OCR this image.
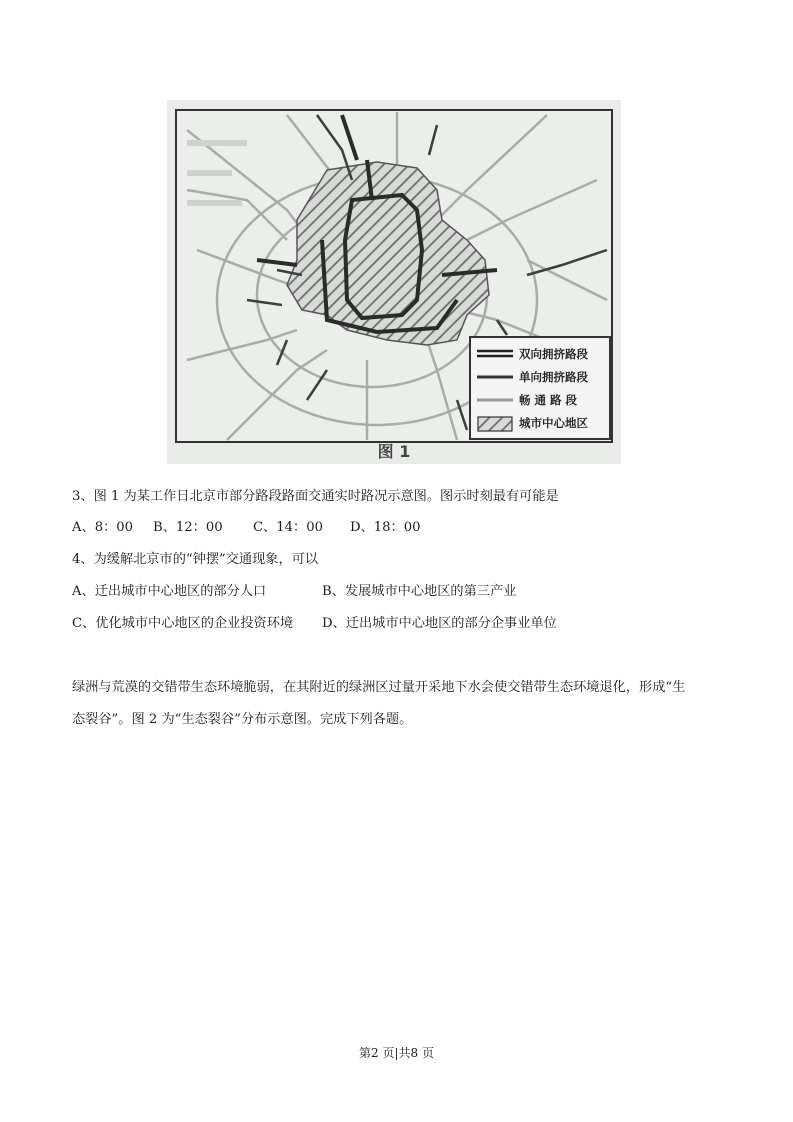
双向拥挤路段
单向拥挤路段
畅 通 路 段
城市中心地区
图 1
3、图 1 为某工作日北京市部分路段路面交通实时路况示意图。图示时刻最有可能是
A、8：00 B、12：00 C、14：00 D、18：00
4、为缓解北京市的“钟摆”交通现象，可以
A、迁出城市中心地区的部分人口	B、发展城市中心地区的第三产业
C、优化城市中心地区的企业投资环境 D、迁出城市中心地区的部分企事业单位
绿洲与荒漠的交错带生态环境脆弱，在其附近的绿洲区过量开采地下水会使交错带生态环境退化，形成“生
态裂谷”。图 2 为“生态裂谷”分布示意图。完成下列各题。
第2 页|共8 页
